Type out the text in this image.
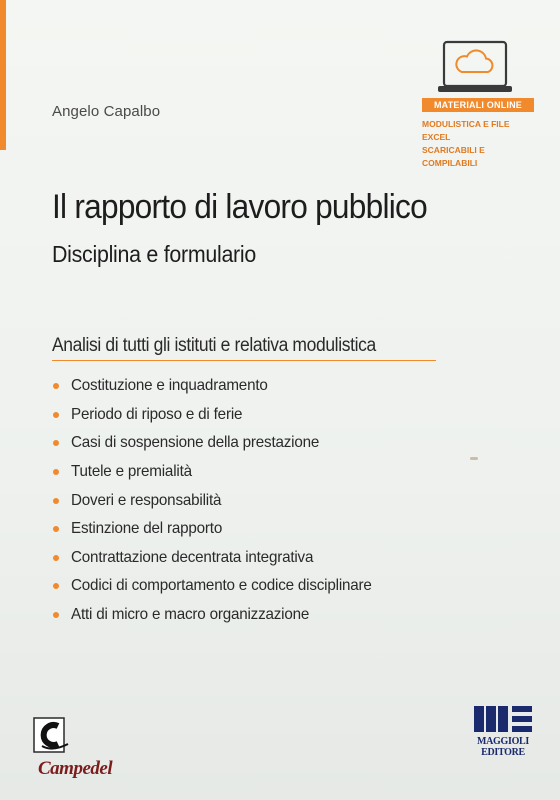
Angelo Capalbo	MATERIALI ONLINE
MODULISTICA E FILE EXCEL
SCARICABILI E COMPILABILI
Il rapporto di lavoro pubblico
Disciplina e formulario
Analisi di tutti gli istituti e relativa modulistica
Costituzione e inquadramento
Periodo di riposo e di ferie
Casi di sospensione della prestazione
Tutele e premialità
Doveri e responsabilità
Estinzione del rapporto
Contrattazione decentrata integrativa
Codici di comportamento e codice disciplinare
Atti di micro e macro organizzazione
Campedel
MAGGIOLI
EDITORE
